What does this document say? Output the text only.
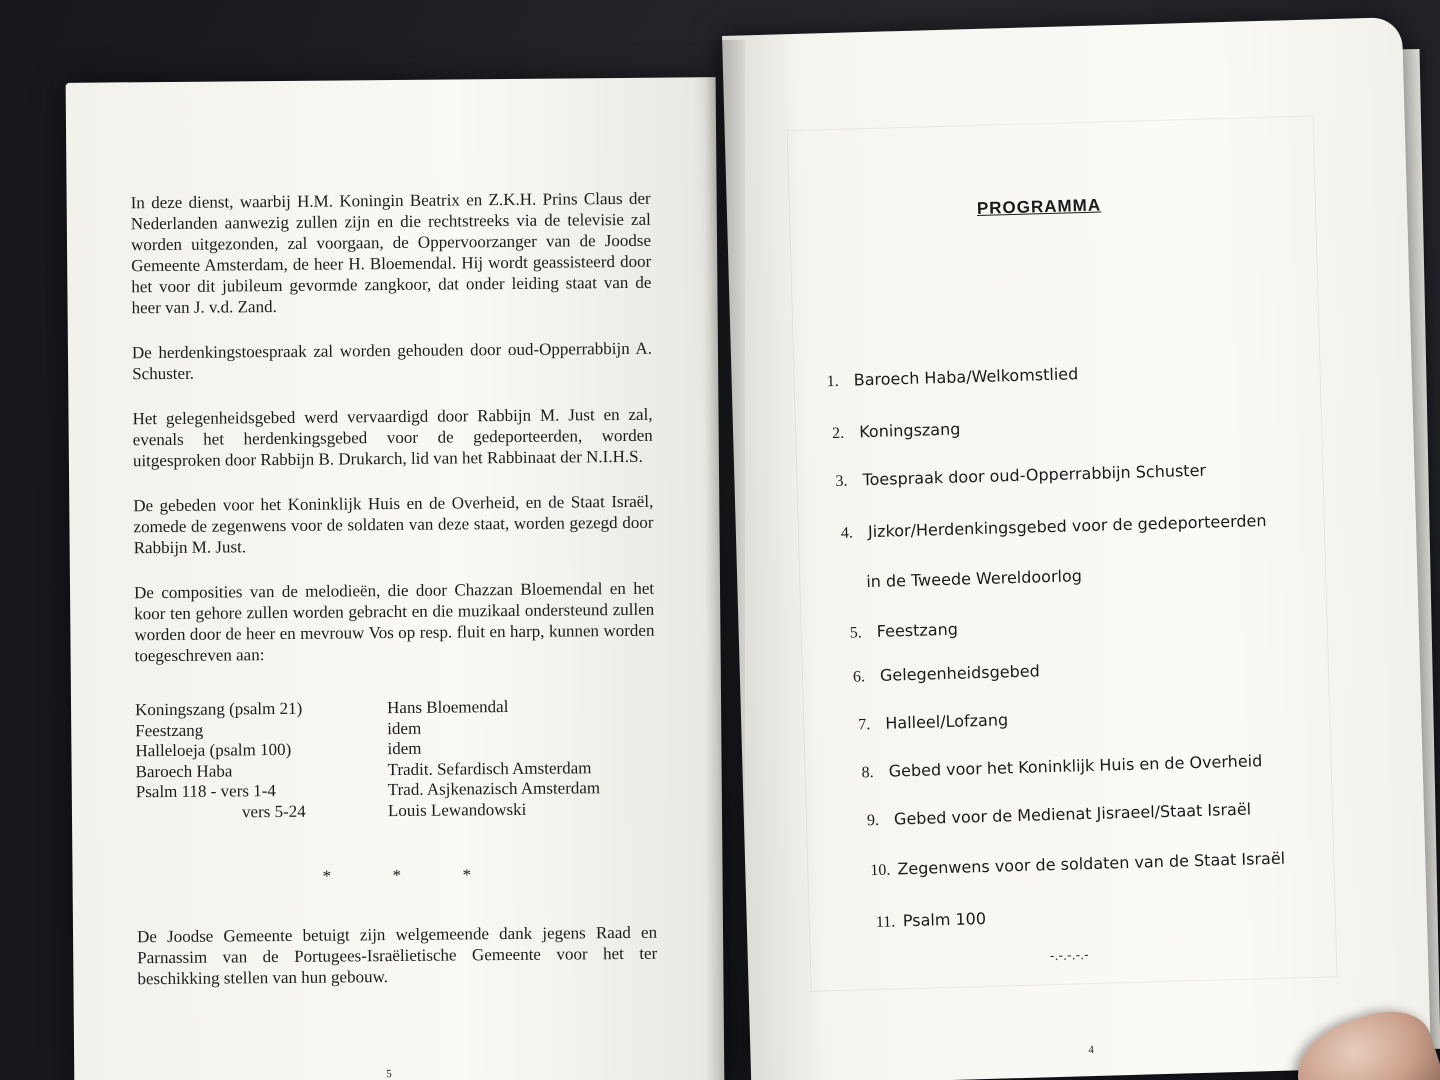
In deze dienst, waarbij H.M. Koningin Beatrix en Z.K.H. Prins Claus der Nederlanden aanwezig zullen zijn en die rechtstreeks via de televisie zal worden uitgezonden, zal voorgaan, de Oppervoorzanger van de Joodse Gemeente Amsterdam, de heer H. Bloemendal. Hij wordt geassisteerd door het voor dit jubileum gevormde zangkoor, dat onder leiding staat van de heer van J. v.d. Zand.

De herdenkingstoespraak zal worden gehouden door oud-Opperrabbijn A. Schuster.

Het gelegenheidsgebed werd vervaardigd door Rabbijn M. Just en zal, evenals het herdenkingsgebed voor de gedeporteerden, worden uitgesproken door Rabbijn B. Drukarch, lid van het Rabbinaat der N.I.H.S.

De gebeden voor het Koninklijk Huis en de Overheid, en de Staat Israël, zomede de zegenwens voor de soldaten van deze staat, worden gezegd door Rabbijn M. Just.

De composities van de melodieën, die door Chazzan Bloemendal en het koor ten gehore zullen worden gebracht en die muzikaal ondersteund zullen worden door de heer en mevrouw Vos op resp. fluit en harp, kunnen worden toegeschreven aan:

Koningszang (psalm 21)	Hans Bloemendal
Feestzang	idem
Halleloeja (psalm 100)	idem
Baroech Haba	Tradit. Sefardisch Amsterdam
Psalm 118 - vers 1-4	Trad. Asjkenazisch Amsterdam
vers 5-24	Louis Lewandowski
*	*	*
De Joodse Gemeente betuigt zijn welgemeende dank jegens Raad en Parnassim van de Portugees-Israëlietische Gemeente voor het ter beschikking stellen van hun gebouw.
5
PROGRAMMA
1. Baroech Haba/Welkomstlied
2. Koningszang
3. Toespraak door oud-Opperrabbijn Schuster
4. Jizkor/Herdenkingsgebed voor de gedeporteerden
in de Tweede Wereldoorlog
5. Feestzang
6. Gelegenheidsgebed
7. Halleel/Lofzang
8. Gebed voor het Koninklijk Huis en de Overheid
9. Gebed voor de Medienat Jisraeel/Staat Israël
10. Zegenwens voor de soldaten van de Staat Israël
11. Psalm 100
-.-.-.-.-
4
